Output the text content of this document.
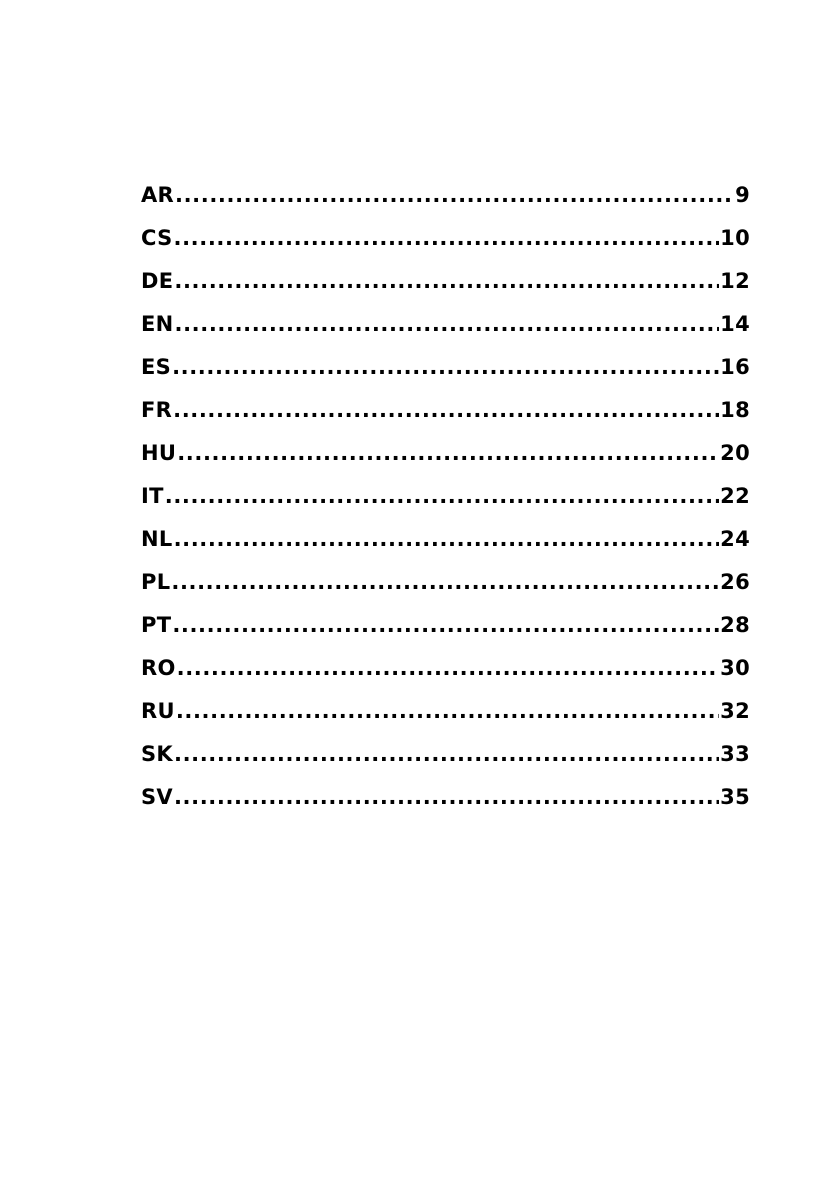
AR .....	9
CS .....	10
DE .....	12
EN .....	14
ES .....	16
FR .....	18
HU .....	20
IT .....	22
NL .....	24
PL .....	26
PT .....	28
RO .....	30
RU .....	32
SK .....	33
SV .....	35
